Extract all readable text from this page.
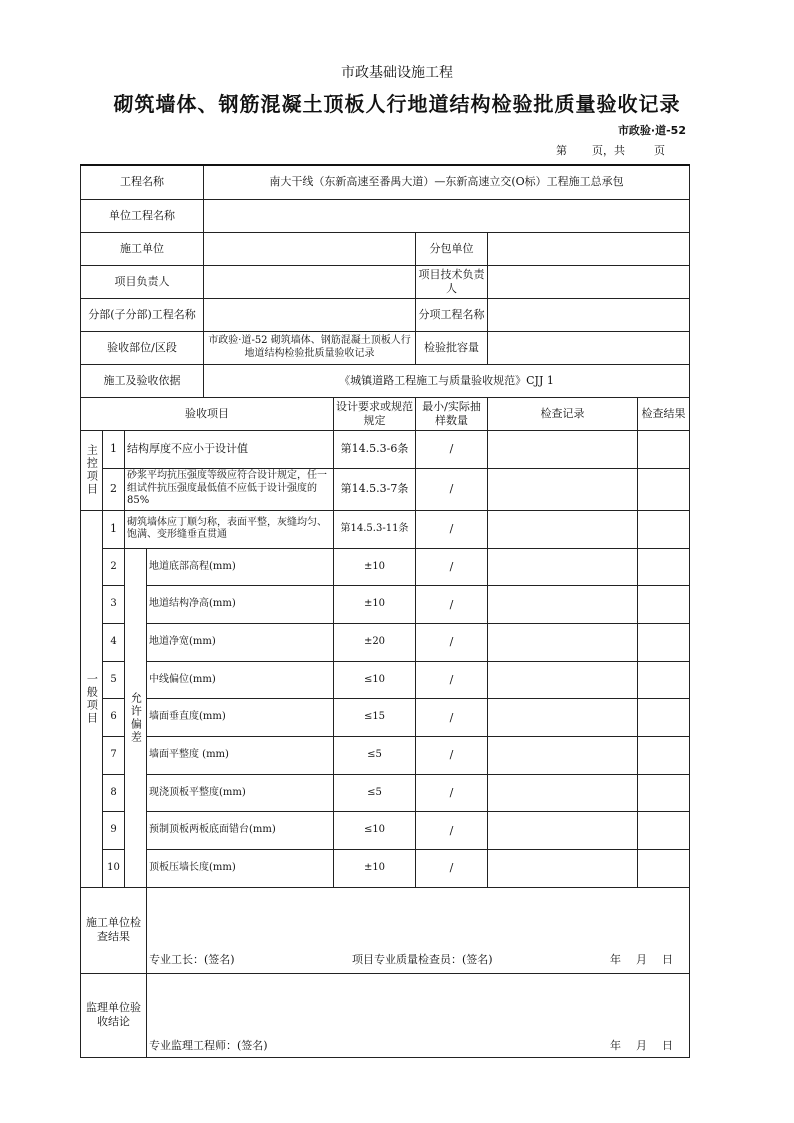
市政基础设施工程
砌筑墙体、钢筋混凝土顶板人行地道结构检验批质量验收记录
市政验·道-52
第 页，共	页
工程名称				南大干线（东新高速至番禺大道）—东新高速立交(O标）工程施工总承包				
单位工程名称								
施工单位						分包单位		
项目负责人						项目技术负责人		
分部(子分部)工程名称						分项工程名称		
验收部位/区段				市政验·道-52 砌筑墙体、钢筋混凝土顶板人行地道结构检验批质量验收记录		检验批容量		
施工及验收依据				《城镇道路工程施工与质量验收规范》CJJ 1				
验收项目					设计要求或规范规定	最小/实际抽样数量	检查记录	检查结果
主控项目	1	结构厚度不应小于设计值			第14.5.3-6条	/		
	2	砂浆平均抗压强度等级应符合设计规定，任一组试件抗压强度最低值不应低于设计强度的85%			第14.5.3-7条	/		
一般项目	1	砌筑墙体应丁顺匀称，表面平整，灰缝均匀、饱满、变形缝垂直贯通			第14.5.3-11条	/		
	2	允许偏差	地道底部高程(mm)		±10	/		
	3		地道结构净高(mm)		±10	/		
	4		地道净宽(mm)		±20	/		
	5		中线偏位(mm)		≤10	/		
	6		墙面垂直度(mm)		≤15	/		
	7		墙面平整度 (mm)		≤5	/		
	8		现浇顶板平整度(mm)		≤5	/		
	9		预制顶板两板底面错台(mm)		≤10	/		
	10		顶板压墙长度(mm)		±10	/		
施工单位检查结果			专业工长：(签名) 项目专业质量检查员：(签名) 年　月　日					

监理单位验收结论			专业监理工程师：(签名) 年　月　日					
